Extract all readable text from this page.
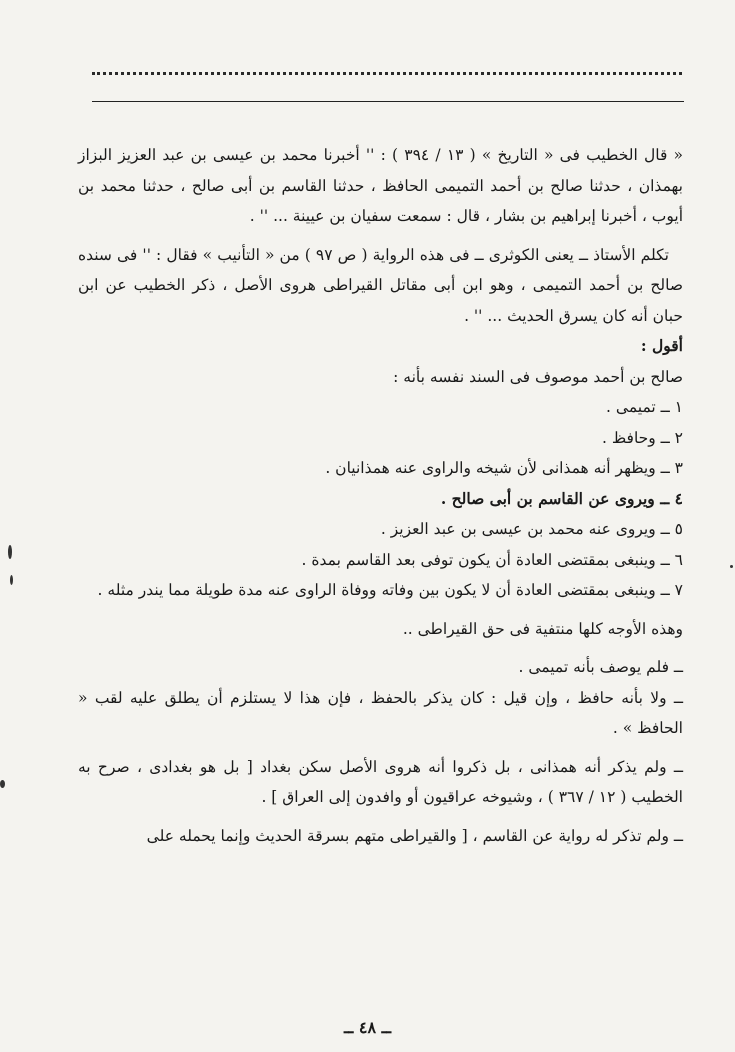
« قال الخطيب فى « التاريخ » ( ١٣ / ٣٩٤ ) : '' أخبرنا محمد بن عيسى بن عبد العزيز البزاز بهمذان ، حدثنا صالح بن أحمد التميمى الحافظ ، حدثنا القاسم بن أبى صالح ، حدثنا محمد بن أيوب ، أخبرنا إبراهيم بن بشار ، قال : سمعت سفيان بن عيينة ... '' .

تكلم الأستاذ ــ يعنى الكوثرى ــ فى هذه الرواية ( ص ٩٧ ) من « التأنيب » فقال : '' فى سنده صالح بن أحمد التميمى ، وهو ابن أبى مقاتل القيراطى هروى الأصل ، ذكر الخطيب عن ابن حبان أنه كان يسرق الحديث ... '' .

أقول :

صالح بن أحمد موصوف فى السند نفسه بأنه :

١ ــ تميمى .

٢ ــ وحافظ .

٣ ــ ويظهر أنه همذانى لأن شيخه والراوى عنه همذانيان .

٤ ــ ويروى عن القاسم بن أبى صالح .

٥ ــ ويروى عنه محمد بن عيسى بن عبد العزيز .

٦ ــ وينبغى بمقتضى العادة أن يكون توفى بعد القاسم بمدة .

٧ ــ وينبغى بمقتضى العادة أن لا يكون بين وفاته ووفاة الراوى عنه مدة طويلة مما يندر مثله .

وهذه الأوجه كلها منتفية فى حق القيراطى ..

ــ فلم يوصف بأنه تميمى .

ــ ولا بأنه حافظ ، وإن قيل : كان يذكر بالحفظ ، فإن هذا لا يستلزم أن يطلق عليه لقب « الحافظ » .

ــ ولم يذكر أنه همذانى ، بل ذكروا أنه هروى الأصل سكن بغداد [ بل هو بغدادى ، صرح به الخطيب ( ١٢ / ٣٦٧ ) ، وشيوخه عراقيون أو وافدون إلى العراق ] .

ــ ولم تذكر له رواية عن القاسم ، [ والقيراطى متهم بسرقة الحديث وإنما يحمله على

ــ ٤٨ ــ
